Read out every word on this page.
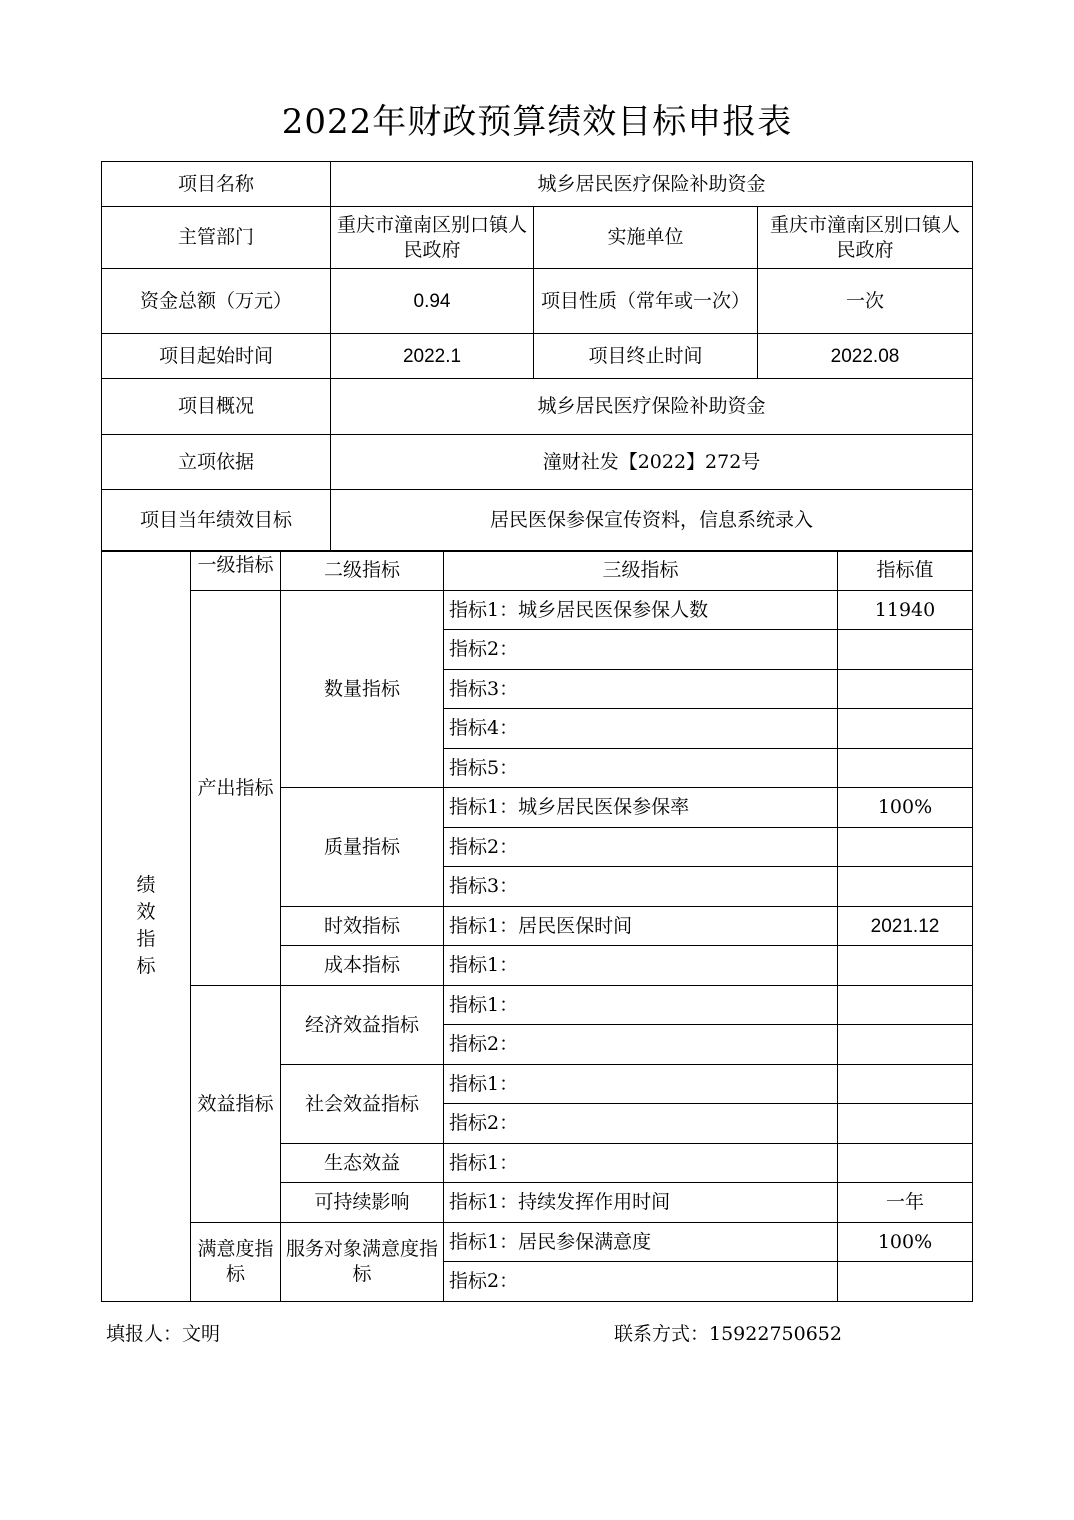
2022年财政预算绩效目标申报表
项目名称	城乡居民医疗保险补助资金		
主管部门	重庆市潼南区别口镇人民政府	实施单位	重庆市潼南区别口镇人民政府
资金总额（万元）	0.94	项目性质（常年或一次）	一次
项目起始时间	2022.1	项目终止时间	2022.08
项目概况	城乡居民医疗保险补助资金		
立项依据	潼财社发【2022】272号		
项目当年绩效目标	居民医保参保宣传资料，信息系统录入		
绩效指标	一级指标	二级指标	三级指标	指标值
	产出指标	数量指标	指标1：城乡居民医保参保人数	11940
			指标2：	
			指标3：	
			指标4：	
			指标5：	
		质量指标	指标1：城乡居民医保参保率	100%
			指标2：	
			指标3：	
		时效指标	指标1：居民医保时间	2021.12
		成本指标	指标1：	
	效益指标	经济效益指标	指标1：	
			指标2：	
		社会效益指标	指标1：	
			指标2：	
		生态效益	指标1：	
		可持续影响	指标1：持续发挥作用时间	一年
	满意度指标	服务对象满意度指标	指标1：居民参保满意度	100%
			指标2：	
填报人：文明	联系方式：15922750652
